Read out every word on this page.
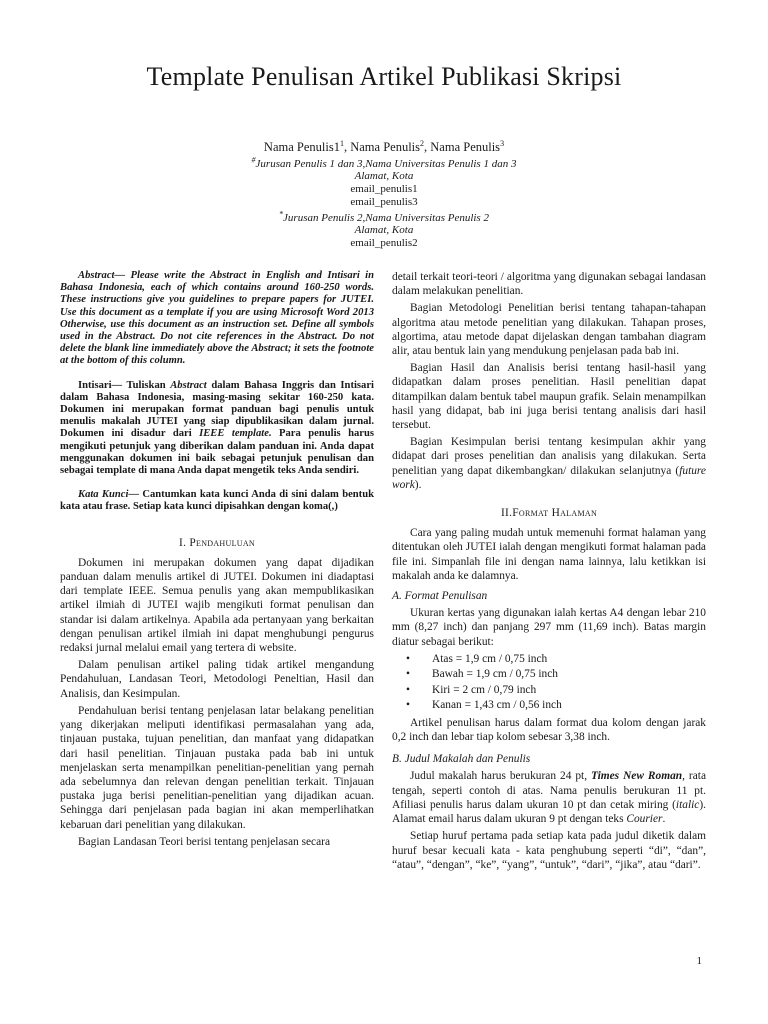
Template Penulisan Artikel Publikasi Skripsi
Nama $Penulis1^1$, Nama Penulis$^2$, Nama Penulis$^3$
#Jurusan Penulis 1 dan 3,Nama Universitas Penulis 1 dan 3
Alamat, Kota
email_penulis1
email_penulis3
*Jurusan Penulis 2,Nama Universitas Penulis 2
Alamat, Kota
email_penulis2

Abstract— Please write the Abstract in English and Intisari in Bahasa Indonesia, each of which contains around 160-250 words. These instructions give you guidelines to prepare papers for JUTEI. Use this document as a template if you are using Microsoft Word 2013 Otherwise, use this document as an instruction set. Define all symbols used in the Abstract. Do not cite references in the Abstract. Do not delete the blank line immediately above the Abstract; it sets the footnote at the bottom of this column.

Intisari— Tuliskan Abstract dalam Bahasa Inggris dan Intisari dalam Bahasa Indonesia, masing-masing sekitar 160-250 kata. Dokumen ini merupakan format panduan bagi penulis untuk menulis makalah JUTEI yang siap dipublikasikan dalam jurnal. Dokumen ini disadur dari IEEE template. Para penulis harus mengikuti petunjuk yang diberikan dalam panduan ini. Anda dapat menggunakan dokumen ini baik sebagai petunjuk penulisan dan sebagai template di mana Anda dapat mengetik teks Anda sendiri.

Kata Kunci— Cantumkan kata kunci Anda di sini dalam bentuk kata atau frase. Setiap kata kunci dipisahkan dengan koma(,)

I. Pendahuluan

Dokumen ini merupakan dokumen yang dapat dijadikan panduan dalam menulis artikel di JUTEI. Dokumen ini diadaptasi dari template IEEE. Semua penulis yang akan mempublikasikan artikel ilmiah di JUTEI wajib mengikuti format penulisan dan standar isi dalam artikelnya. Apabila ada pertanyaan yang berkaitan dengan penulisan artikel ilmiah ini dapat menghubungi pengurus redaksi jurnal melalui email yang tertera di website.

Dalam penulisan artikel paling tidak artikel mengandung Pendahuluan, Landasan Teori, Metodologi Peneltian, Hasil dan Analisis, dan Kesimpulan.

Pendahuluan berisi tentang penjelasan latar belakang penelitian yang dikerjakan meliputi identifikasi permasalahan yang ada, tinjauan pustaka, tujuan penelitian, dan manfaat yang didapatkan dari hasil penelitian. Tinjauan pustaka pada bab ini untuk menjelaskan serta menampilkan penelitian-penelitian yang pernah ada sebelumnya dan relevan dengan penelitian terkait. Tinjauan pustaka juga berisi penelitian-penelitian yang dijadikan acuan. Sehingga dari penjelasan pada bagian ini akan memperlihatkan kebaruan dari penelitian yang dilakukan.

Bagian Landasan Teori berisi tentang penjelasan secara

detail terkait teori-teori / algoritma yang digunakan sebagai landasan dalam melakukan penelitian.

Bagian Metodologi Penelitian berisi tentang tahapan-tahapan algoritma atau metode penelitian yang dilakukan. Tahapan proses, algortima, atau metode dapat dijelaskan dengan tambahan diagram alir, atau bentuk lain yang mendukung penjelasan pada bab ini.

Bagian Hasil dan Analisis berisi tentang hasil-hasil yang didapatkan dalam proses penelitian. Hasil penelitian dapat ditampilkan dalam bentuk tabel maupun grafik. Selain menampilkan hasil yang didapat, bab ini juga berisi tentang analisis dari hasil tersebut.

Bagian Kesimpulan berisi tentang kesimpulan akhir yang didapat dari proses penelitian dan analisis yang dilakukan. Serta penelitian yang dapat dikembangkan/ dilakukan selanjutnya (future work).

II.Format Halaman

Cara yang paling mudah untuk memenuhi format halaman yang ditentukan oleh JUTEI ialah dengan mengikuti format halaman pada file ini. Simpanlah file ini dengan nama lainnya, lalu ketikkan isi makalah anda ke dalamnya.

A. Format Penulisan

Ukuran kertas yang digunakan ialah kertas A4 dengan lebar 210 mm (8,27 inch) dan panjang 297 mm (11,69 inch). Batas margin diatur sebagai berikut:

• Atas = 1,9 cm / 0,75 inch
• Bawah = 1,9 cm / 0,75 inch
• Kiri = 2 cm / 0,79 inch
• Kanan = 1,43 cm / 0,56 inch

Artikel penulisan harus dalam format dua kolom dengan jarak 0,2 inch dan lebar tiap kolom sebesar 3,38 inch.

B. Judul Makalah dan Penulis

Judul makalah harus berukuran 24 pt, Times New Roman, rata tengah, seperti contoh di atas. Nama penulis berukuran 11 pt. Afiliasi penulis harus dalam ukuran 10 pt dan cetak miring (italic). Alamat email harus dalam ukuran 9 pt dengan teks Courier.

Setiap huruf pertama pada setiap kata pada judul diketik dalam huruf besar kecuali kata - kata penghubung seperti “di”, “dan”, “atau”, “dengan”, “ke”, “yang”, “untuk”, “dari”, “jika”, atau “dari”.

1
